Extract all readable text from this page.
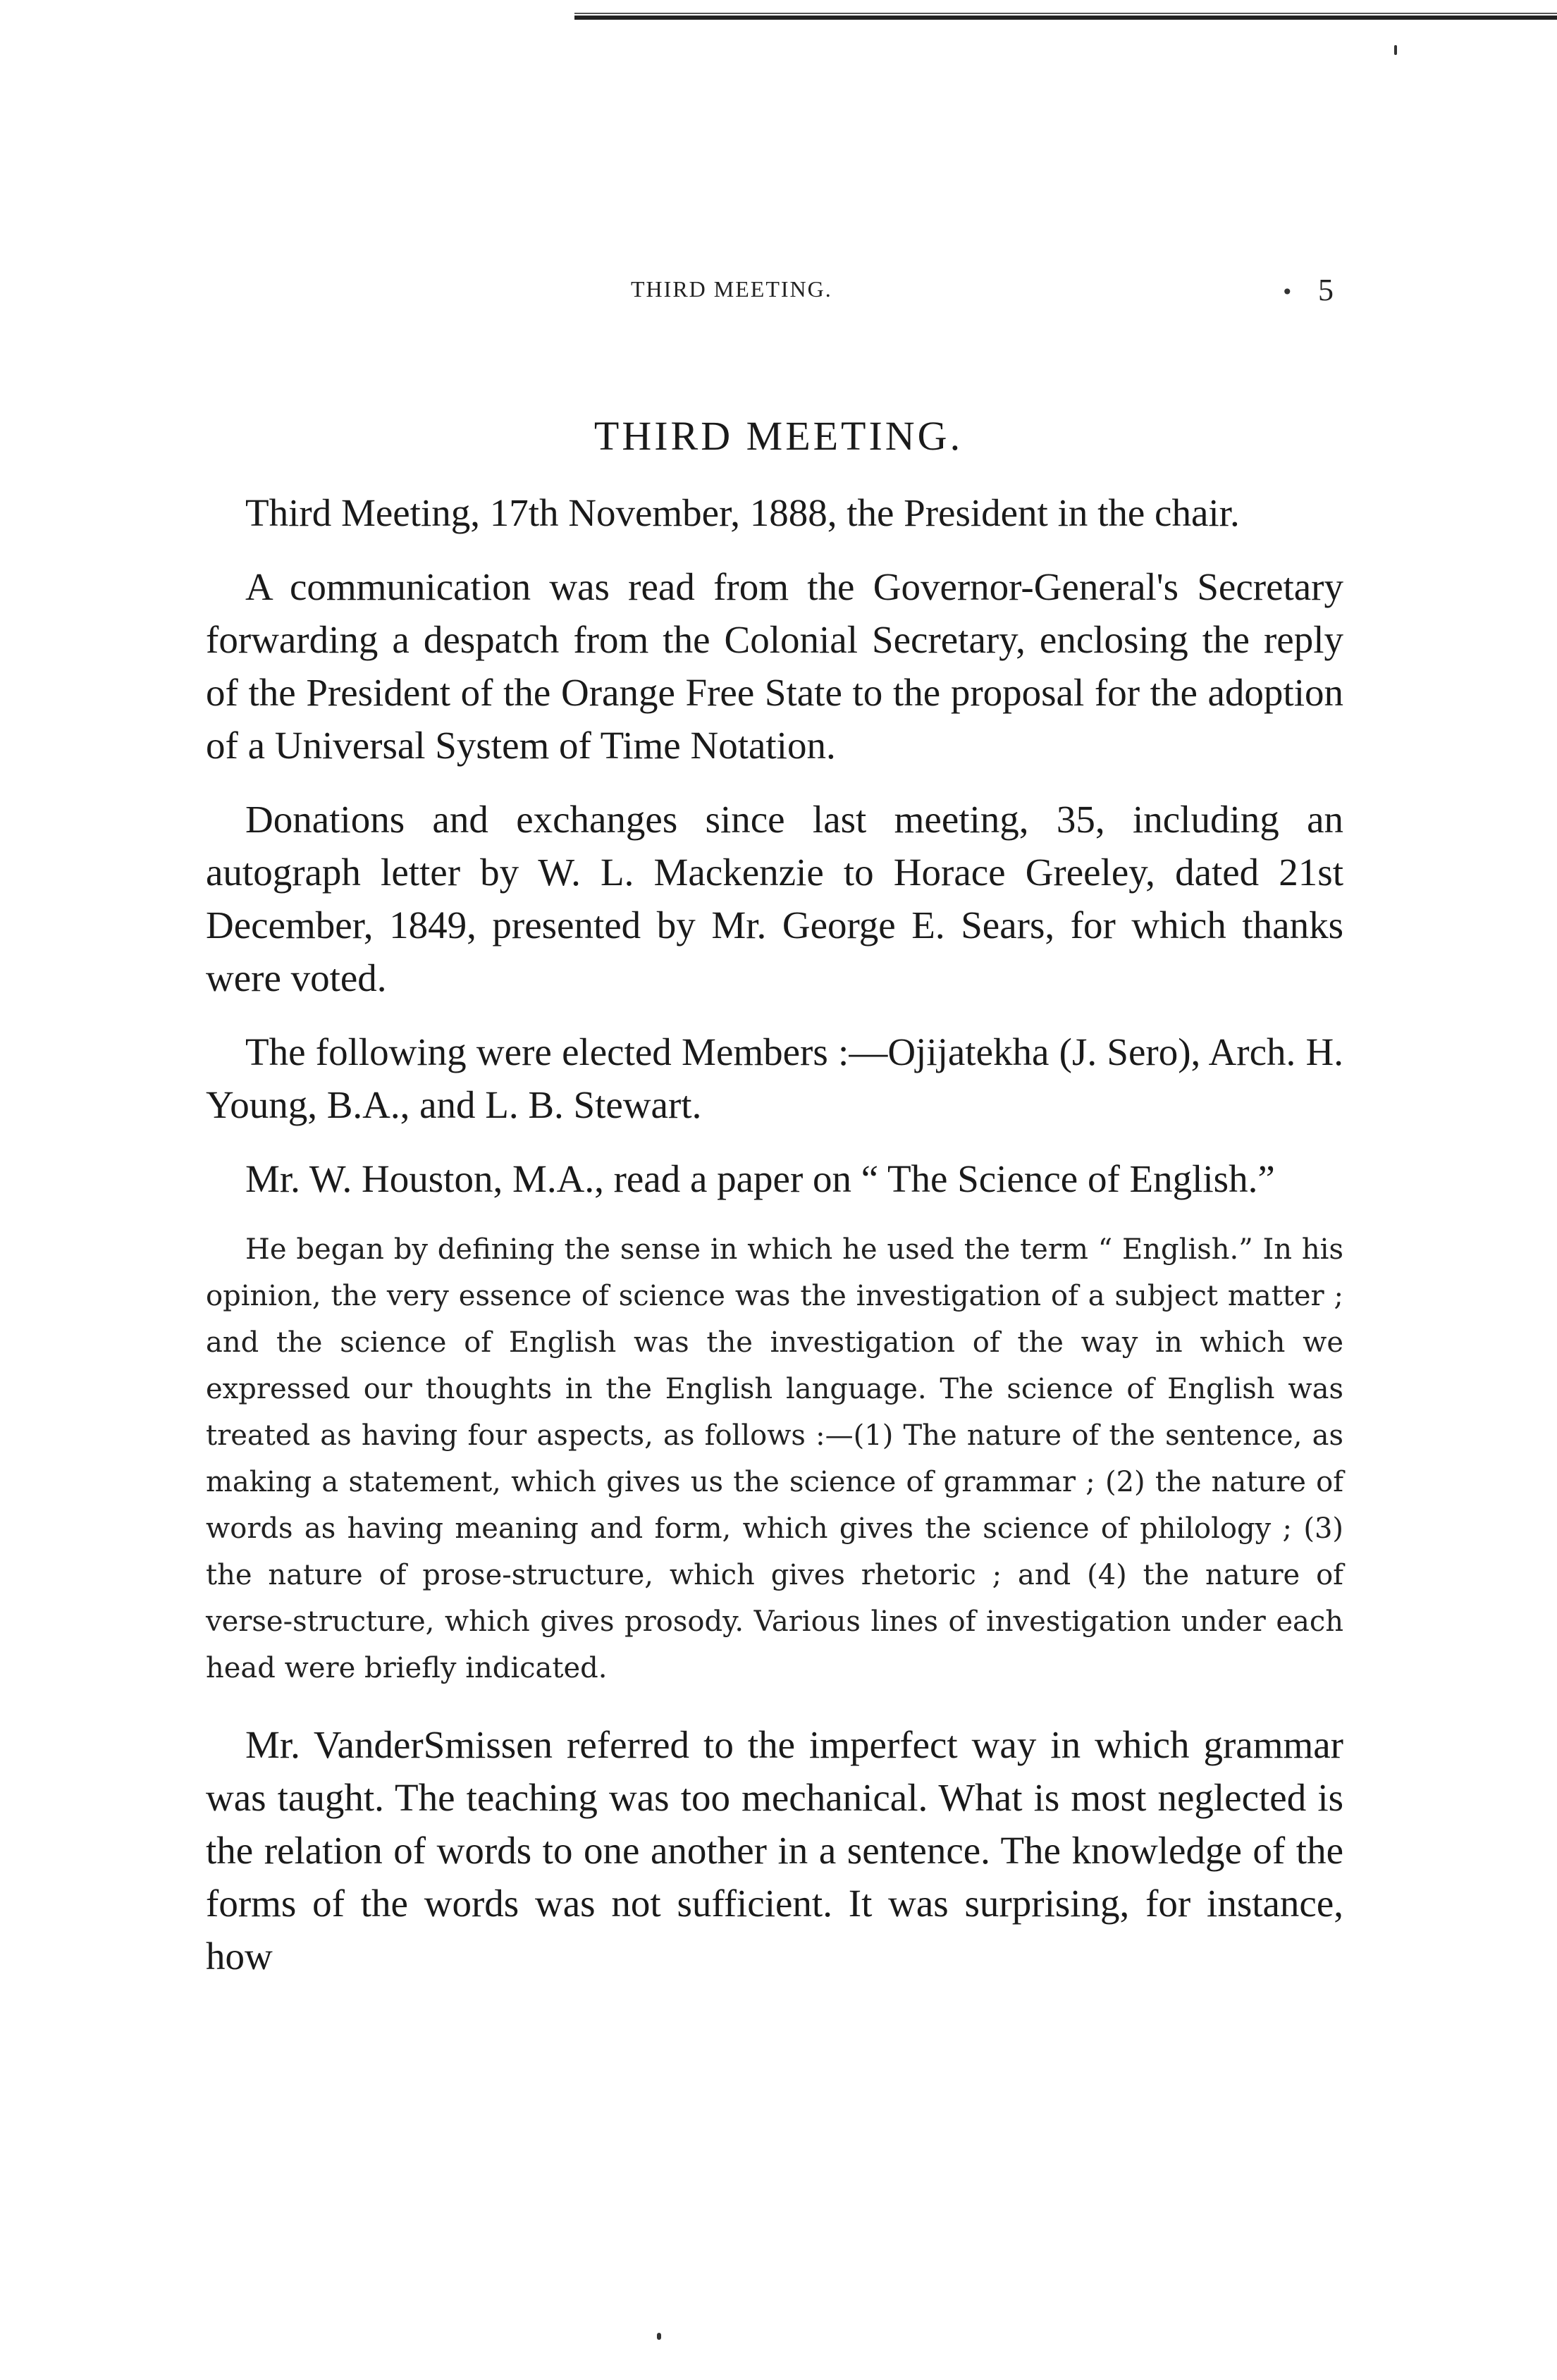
THIRD MEETING.	• 5
THIRD MEETING.

Third Meeting, 17th November, 1888, the President in the chair.

A communication was read from the Governor-General's Secretary forwarding a despatch from the Colonial Secretary, enclosing the reply of the President of the Orange Free State to the proposal for the adoption of a Universal System of Time Notation.

Donations and exchanges since last meeting, 35, including an autograph letter by W. L. Mackenzie to Horace Greeley, dated 21st December, 1849, presented by Mr. George E. Sears, for which thanks were voted.

The following were elected Members :—Ojijatekha (J. Sero), Arch. H. Young, B.A., and L. B. Stewart.

Mr. W. Houston, M.A., read a paper on “ The Science of English.”

He began by defining the sense in which he used the term “ English.” In his opinion, the very essence of science was the investigation of a subject matter ; and the science of English was the investigation of the way in which we expressed our thoughts in the English language. The science of English was treated as having four aspects, as follows :—(1) The nature of the sentence, as making a statement, which gives us the science of grammar ; (2) the nature of words as having meaning and form, which gives the science of philology ; (3) the nature of prose-structure, which gives rhetoric ; and (4) the nature of verse-structure, which gives prosody. Various lines of investigation under each head were briefly indicated.

Mr. VanderSmissen referred to the imperfect way in which grammar was taught. The teaching was too mechanical. What is most neglected is the relation of words to one another in a sentence. The knowledge of the forms of the words was not sufficient. It was surprising, for instance, how
